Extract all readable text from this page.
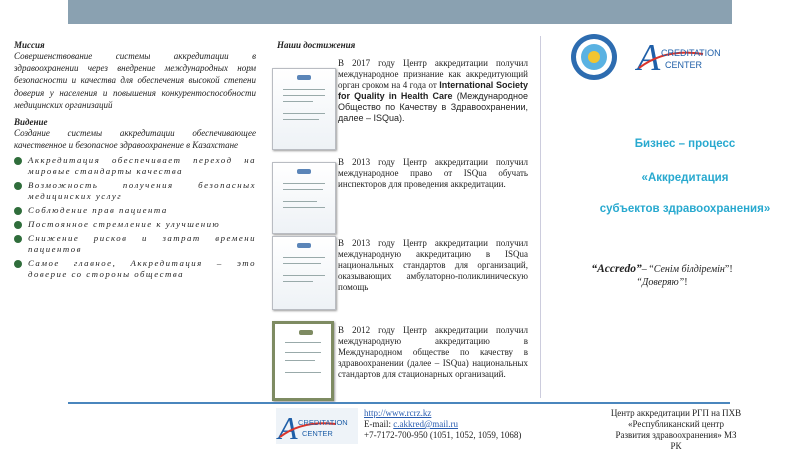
Миссия

Совершенствование системы аккредитации в здравоохранении через внедрение международных норм безопасности и качества для обеспечения высокой степени доверия у населения и повышения конкурентоспособности медицинских организаций

Видение

Создание системы аккредитации обеспечивающее качественное и безопасное здравоохранение в Казахстане

Аккредитация обеспечивает переход на мировые стандарты качества
Возможность получения безопасных медицинских услуг
Соблюдение прав пациента
Постоянное стремление к улучшению
Снижение рисков и затрат времени пациентов
Самое главное, Аккредитация – это доверие со стороны общества
Наши достижения

В 2017 году Центр аккредитации получил международное признание как аккредитующий орган сроком на 4 года от International Society for Quality in Health Care (Международное Общество по Качеству в Здравоохранении, далее – ISQua).

В 2013 году Центр аккредитации получил международное право от ISQua обучать инспекторов для проведения аккредитации.

В 2013 году Центр аккредитации получил международную аккредитацию в ISQua национальных стандартов для организаций, оказывающих амбулаторно-поликлиническую помощь

В 2012 году Центр аккредитации получил международную аккредитацию в Международном обществе по качеству в здравоохранении (далее – ISQua) национальных стандартов для стационарных организаций.

A CREDITATION
CENTER
Бизнес – процесс
«Аккредитация
субъектов здравоохранения»
“Accredo”– “Сенім білдіремін”!
“Доверяю”!
A CREDITATION
CENTER
http://www.rcrz.kz
E-mail: c.akkred@mail.ru
+7-7172-700-950 (1051, 1052, 1059, 1068)
Центр аккредитации РГП на ПХВ «Республиканский центр Развития здравоохранения» МЗ РК
